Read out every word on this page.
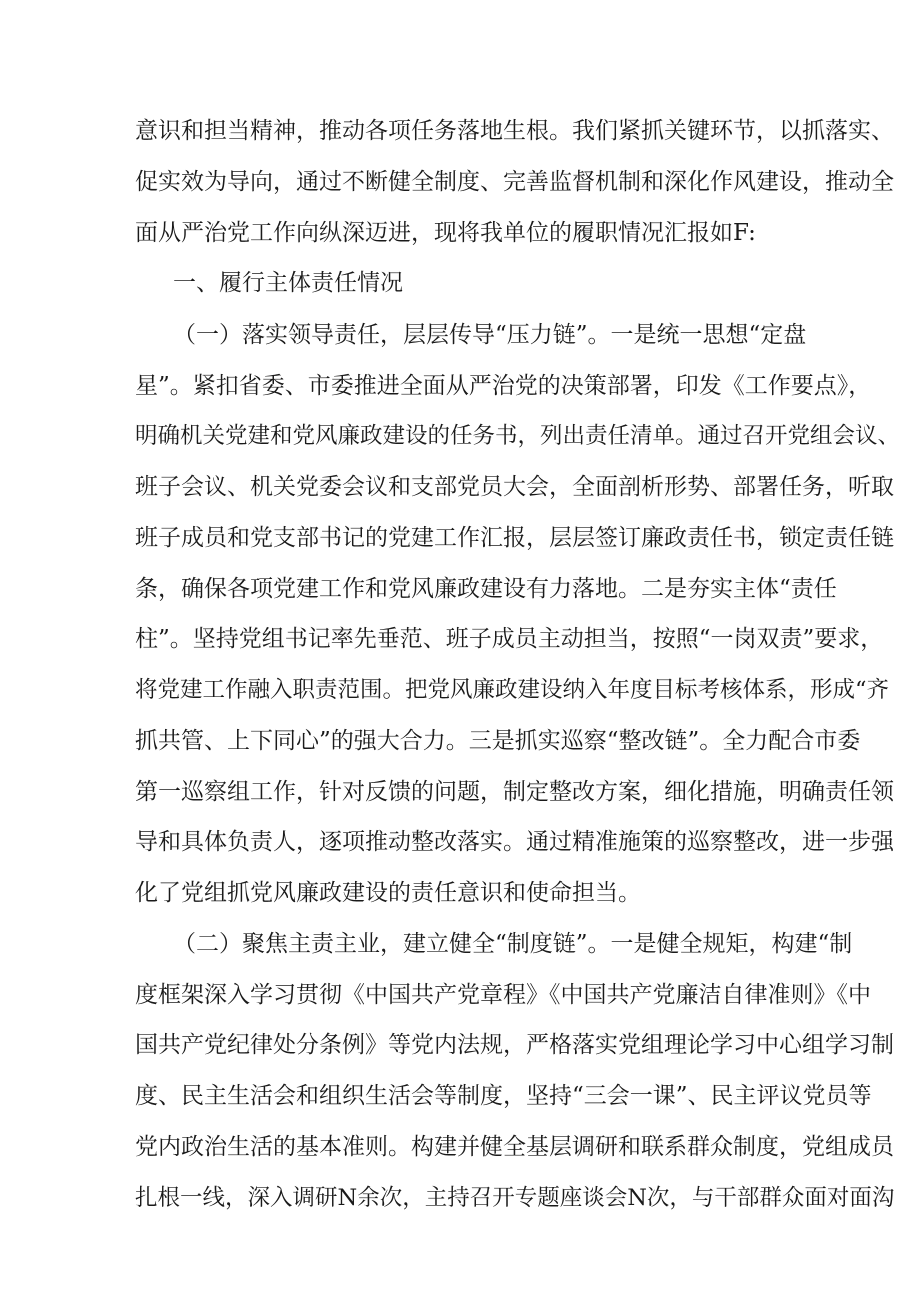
意识和担当精神，推动各项任务落地生根。我们紧抓关键环节，以抓落实、
促实效为导向，通过不断健全制度、完善监督机制和深化作风建设，推动全
面从严治党工作向纵深迈进，现将我单位的履职情况汇报如F:
一、履行主体责任情况
（一）落实领导责任，层层传导“压力链”。一是统一思想“定盘
星”。紧扣省委、市委推进全面从严治党的决策部署，印发《工作要点》，
明确机关党建和党风廉政建设的任务书，列出责任清单。通过召开党组会议、
班子会议、机关党委会议和支部党员大会，全面剖析形势、部署任务，听取
班子成员和党支部书记的党建工作汇报，层层签订廉政责任书，锁定责任链
条，确保各项党建工作和党风廉政建设有力落地。二是夯实主体“责任
柱”。坚持党组书记率先垂范、班子成员主动担当，按照“一岗双责”要求，
将党建工作融入职责范围。把党风廉政建设纳入年度目标考核体系，形成“齐
抓共管、上下同心”的强大合力。三是抓实巡察“整改链”。全力配合市委
第一巡察组工作，针对反馈的问题，制定整改方案，细化措施，明确责任领
导和具体负责人，逐项推动整改落实。通过精准施策的巡察整改，进一步强
化了党组抓党风廉政建设的责任意识和使命担当。
（二）聚焦主责主业，建立健全“制度链”。一是健全规矩，构建“制
度框架深入学习贯彻《中国共产党章程》《中国共产党廉洁自律准则》《中
国共产党纪律处分条例》等党内法规，严格落实党组理论学习中心组学习制
度、民主生活会和组织生活会等制度，坚持“三会一课”、民主评议党员等
党内政治生活的基本准则。构建并健全基层调研和联系群众制度，党组成员
扎根一线，深入调研N余次，主持召开专题座谈会N次，与干部群众面对面沟
